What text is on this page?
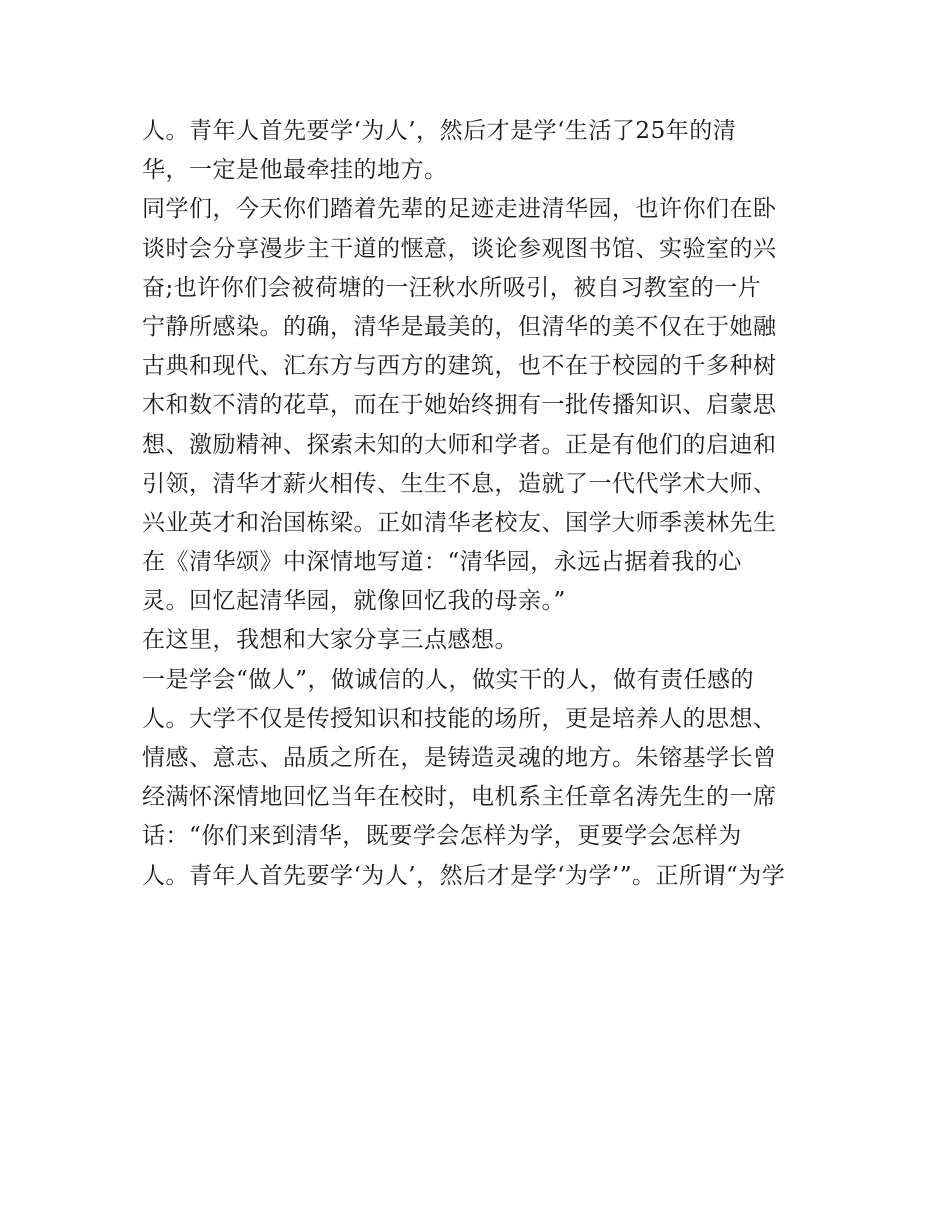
人。青年人首先要学‘为人’，然后才是学‘生活了25年的清
华，一定是他最牵挂的地方。
同学们，今天你们踏着先辈的足迹走进清华园，也许你们在卧
谈时会分享漫步主干道的惬意，谈论参观图书馆、实验室的兴
奋;也许你们会被荷塘的一汪秋水所吸引，被自习教室的一片
宁静所感染。的确，清华是最美的，但清华的美不仅在于她融
古典和现代、汇东方与西方的建筑，也不在于校园的千多种树
木和数不清的花草，而在于她始终拥有一批传播知识、启蒙思
想、激励精神、探索未知的大师和学者。正是有他们的启迪和
引领，清华才薪火相传、生生不息，造就了一代代学术大师、
兴业英才和治国栋梁。正如清华老校友、国学大师季羡林先生
在《清华颂》中深情地写道：“清华园，永远占据着我的心
灵。回忆起清华园，就像回忆我的母亲。”
在这里，我想和大家分享三点感想。
一是学会“做人”，做诚信的人，做实干的人，做有责任感的
人。大学不仅是传授知识和技能的场所，更是培养人的思想、
情感、意志、品质之所在，是铸造灵魂的地方。朱镕基学长曾
经满怀深情地回忆当年在校时，电机系主任章名涛先生的一席
话：“你们来到清华，既要学会怎样为学，更要学会怎样为
人。青年人首先要学‘为人’，然后才是学‘为学’”。正所谓“为学
